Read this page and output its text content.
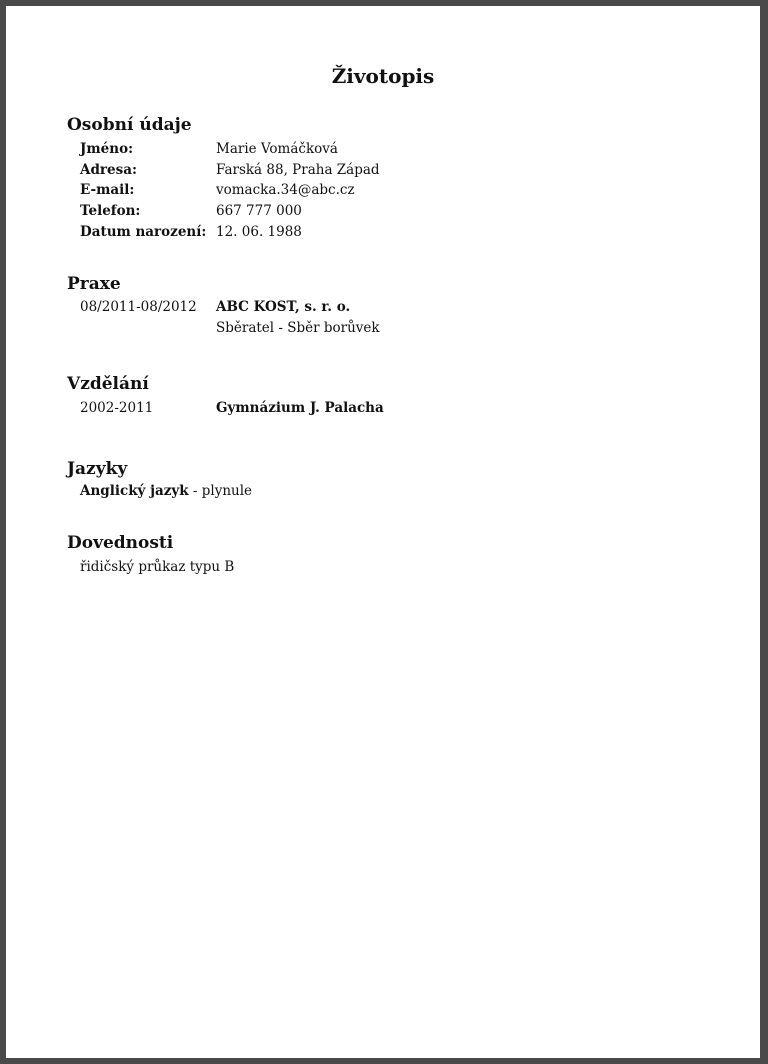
Životopis
Osobní údaje
Jméno:	Marie Vomáčková
Adresa:	Farská 88, Praha Západ
E-mail:	vomacka.34@abc.cz
Telefon:	667 777 000
Datum narození: 12. 06. 1988
Praxe
08/2011-08/2012 ABC KOST, s. r. o.
Sběratel - Sběr borůvek
Vzdělání
2002-2011	Gymnázium J. Palacha
Jazyky
Anglický jazyk - plynule
Dovednosti
řidičský průkaz typu B
